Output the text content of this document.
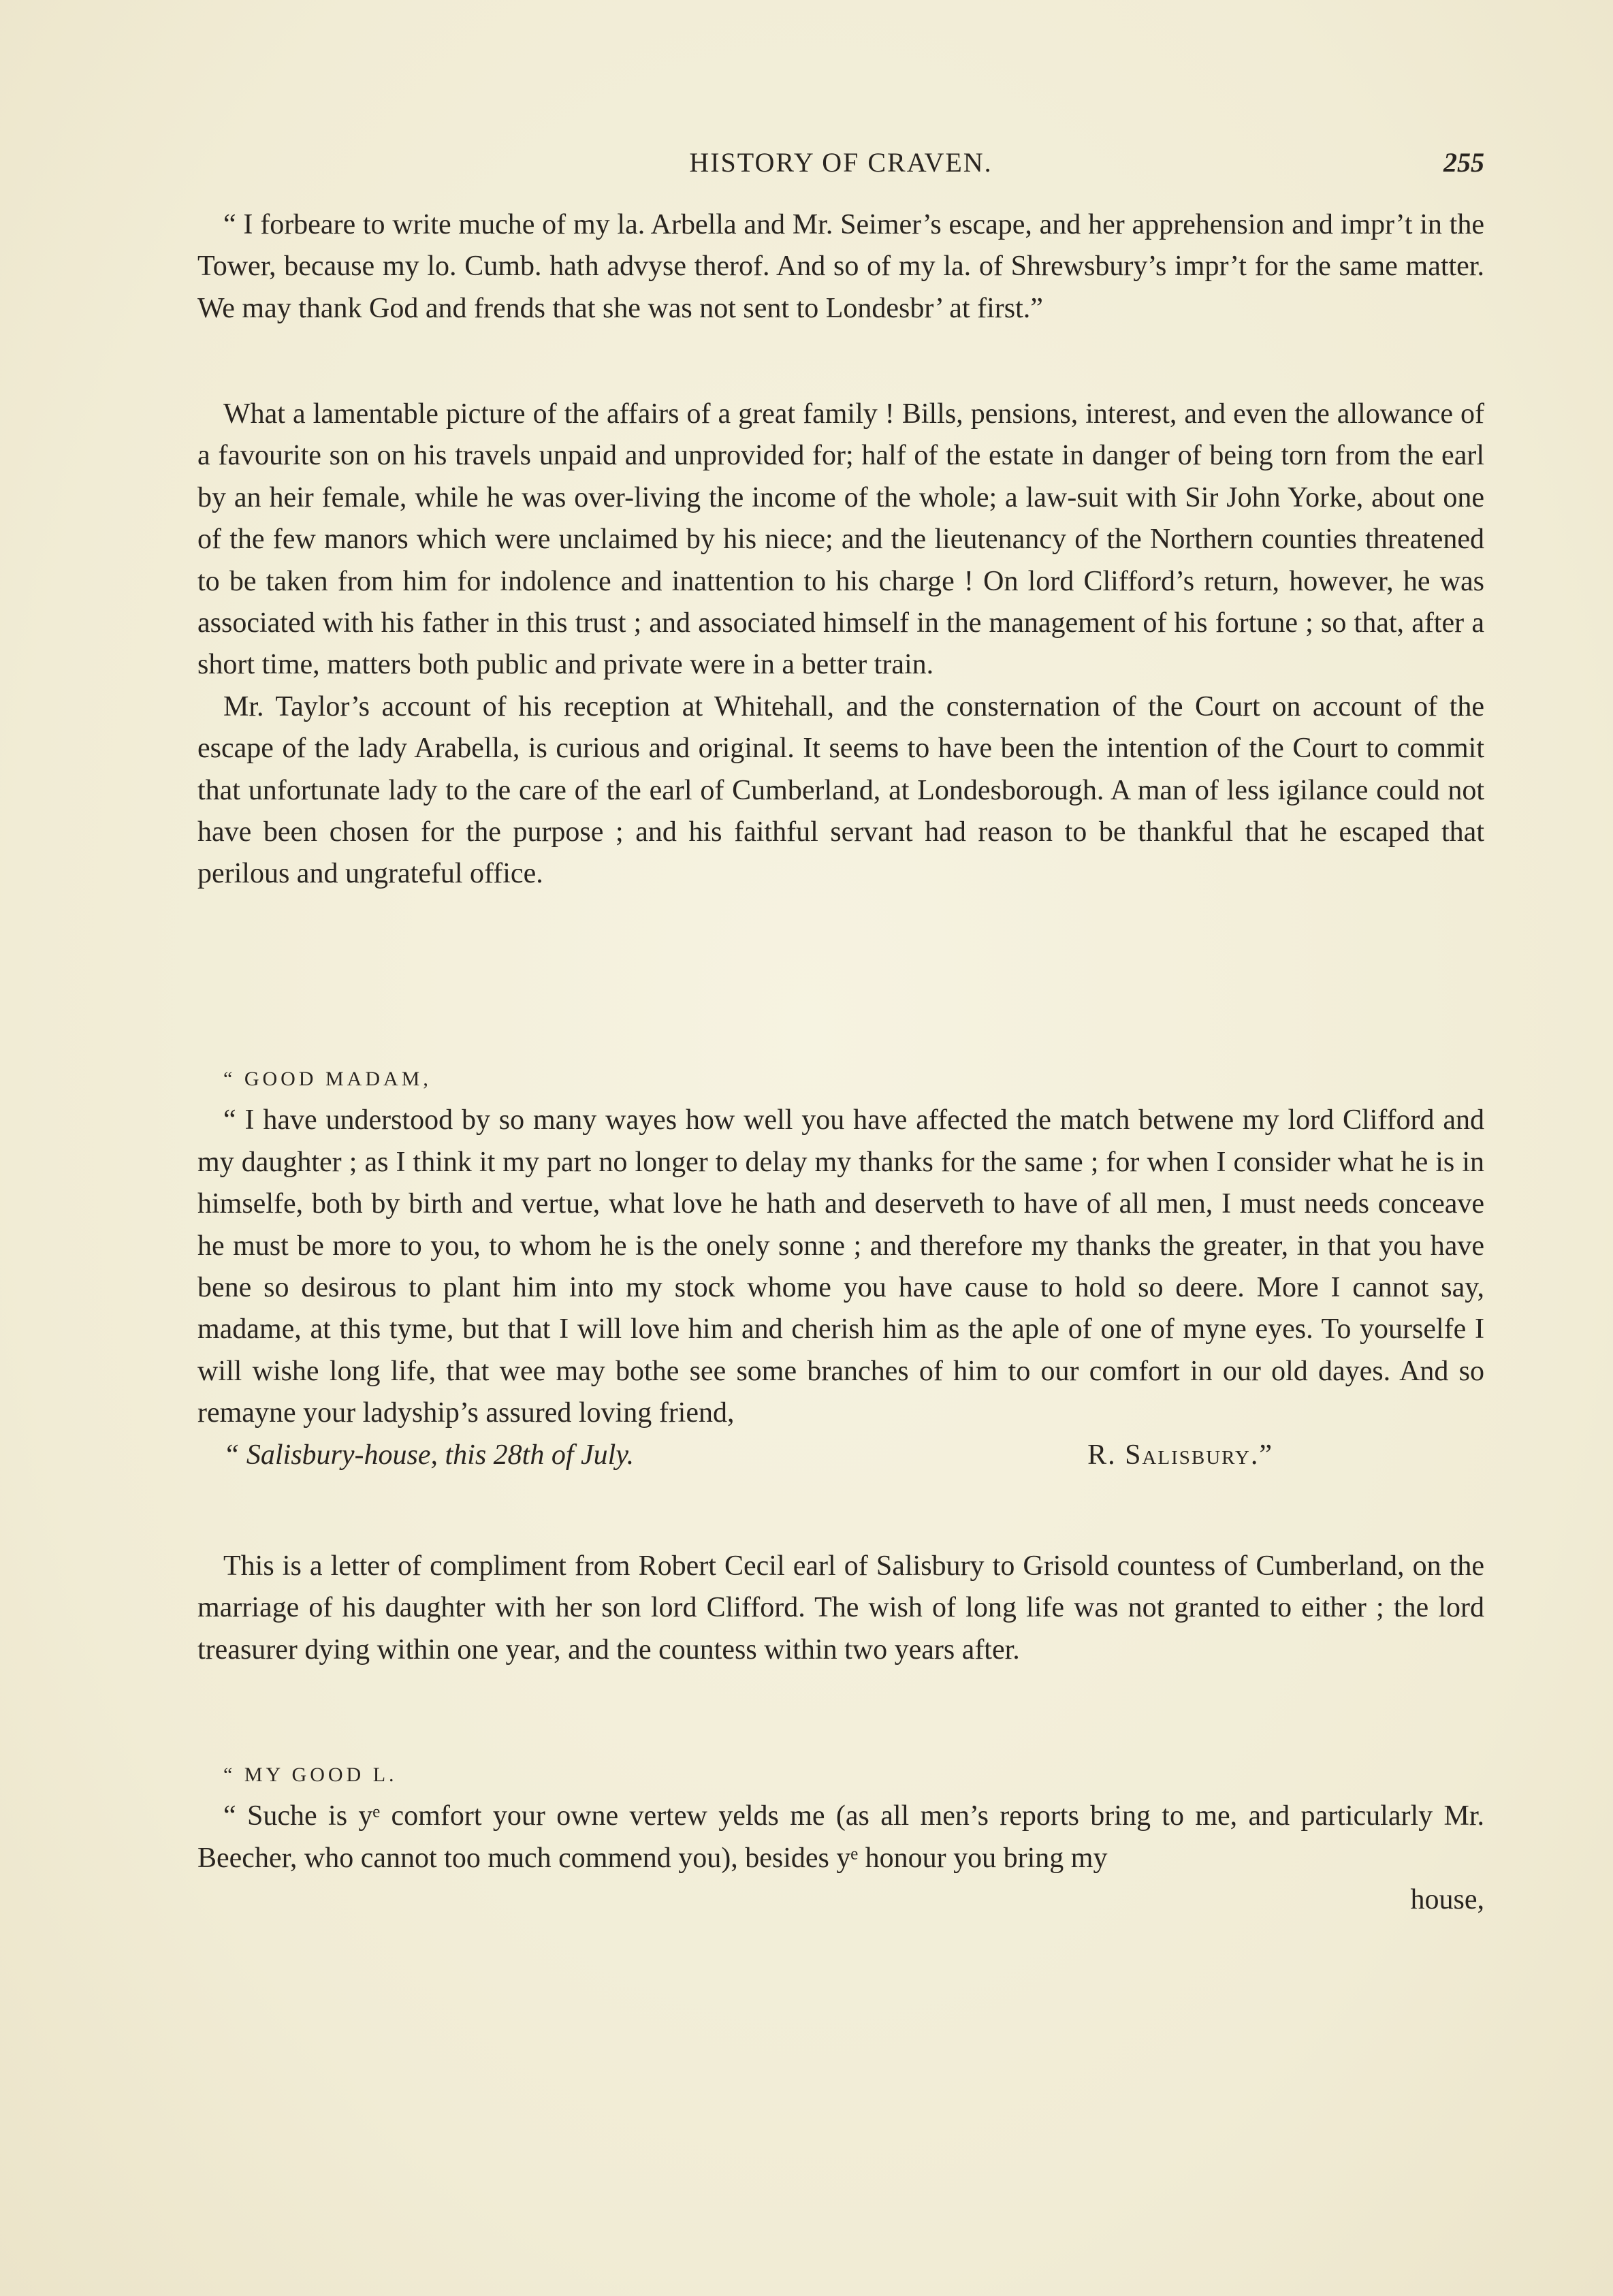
HISTORY OF CRAVEN.	255

“ I forbeare to write muche of my la. Arbella and Mr. Seimer’s escape, and her apprehension and impr’t in the Tower, because my lo. Cumb. hath advyse therof. And so of my la. of Shrewsbury’s impr’t for the same matter. We may thank God and frends that she was not sent to Londesbr’ at first.”

What a lamentable picture of the affairs of a great family ! Bills, pensions, interest, and even the allowance of a favourite son on his travels unpaid and unprovided for; half of the estate in danger of being torn from the earl by an heir female, while he was over-living the income of the whole; a law-suit with Sir John Yorke, about one of the few manors which were unclaimed by his niece; and the lieutenancy of the Northern counties threatened to be taken from him for indolence and inattention to his charge ! On lord Clifford’s return, however, he was associated with his father in this trust ; and associated himself in the management of his fortune ; so that, after a short time, matters both public and private were in a better train.

Mr. Taylor’s account of his reception at Whitehall, and the consternation of the Court on account of the escape of the lady Arabella, is curious and original. It seems to have been the intention of the Court to commit that unfortunate lady to the care of the earl of Cumberland, at Londesborough. A man of less igilance could not have been chosen for the purpose ; and his faithful servant had reason to be thankful that he escaped that perilous and ungrateful office.

“ GOOD MADAM,

“ I have understood by so many wayes how well you have affected the match betwene my lord Clifford and my daughter ; as I think it my part no longer to delay my thanks for the same ; for when I consider what he is in himselfe, both by birth and vertue, what love he hath and deserveth to have of all men, I must needs conceave he must be more to you, to whom he is the onely sonne ; and therefore my thanks the greater, in that you have bene so desirous to plant him into my stock whome you have cause to hold so deere. More I cannot say, madame, at this tyme, but that I will love him and cherish him as the aple of one of myne eyes. To yourselfe I will wishe long life, that wee may bothe see some branches of him to our comfort in our old dayes. And so remayne your ladyship’s assured loving friend,

“ Salisbury-house, this 28th of July.	R. Salisbury.”

This is a letter of compliment from Robert Cecil earl of Salisbury to Grisold countess of Cumberland, on the marriage of his daughter with her son lord Clifford. The wish of long life was not granted to either ; the lord treasurer dying within one year, and the countess within two years after.

“ MY GOOD L.

“ Suche is yᵉ comfort your owne vertew yelds me (as all men’s reports bring to me, and particularly Mr. Beecher, who cannot too much commend you), besides yᵉ honour you bring my

house,
